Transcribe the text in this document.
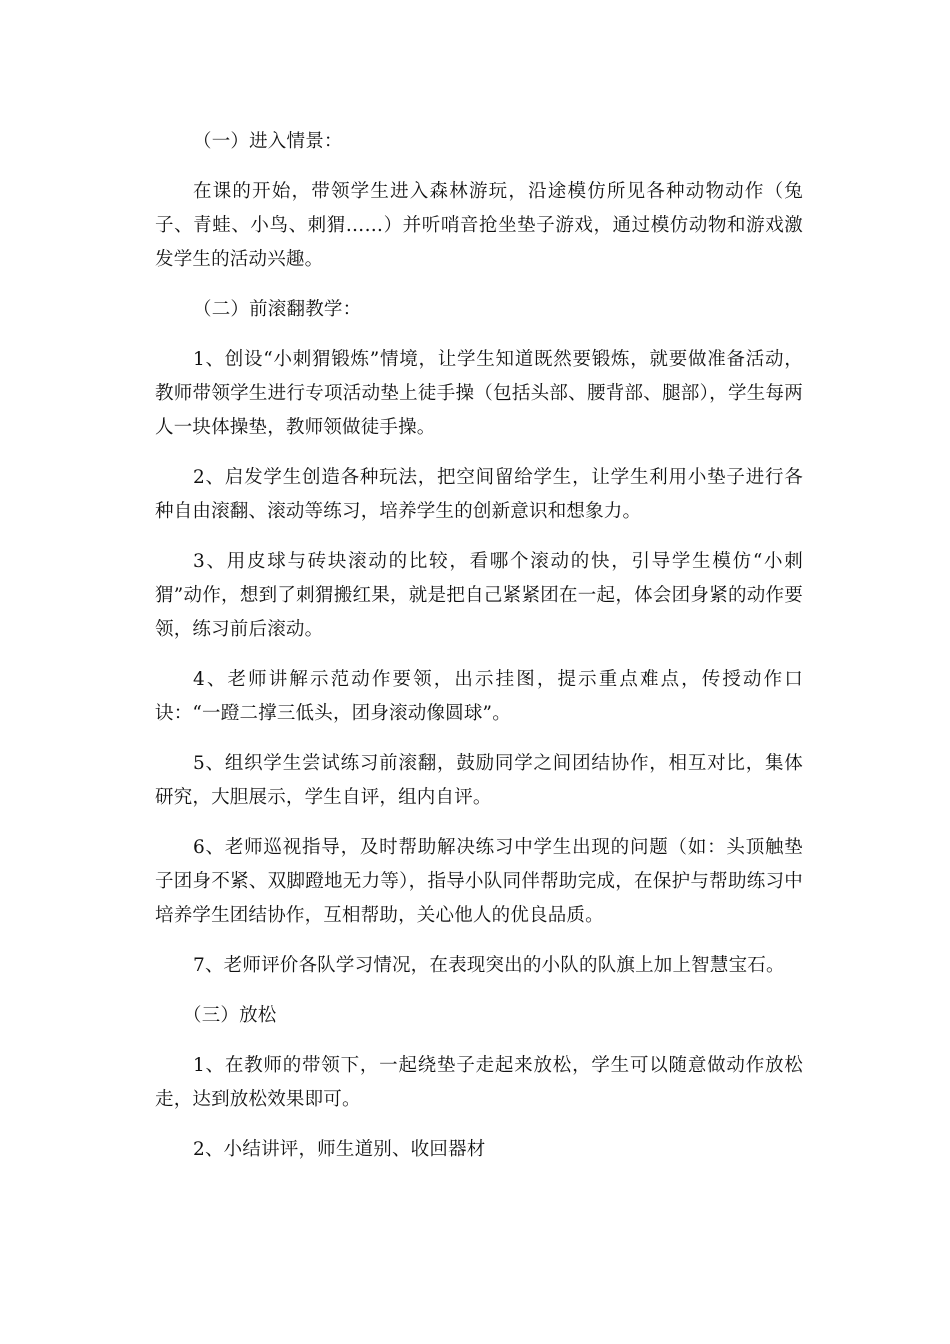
（一）进入情景：

在课的开始，带领学生进入森林游玩，沿途模仿所见各种动物动作（兔子、青蛙、小鸟、刺猬……）并听哨音抢坐垫子游戏，通过模仿动物和游戏激发学生的活动兴趣。

（二）前滚翻教学：

1、创设“小刺猬锻炼”情境，让学生知道既然要锻炼，就要做准备活动，教师带领学生进行专项活动垫上徒手操（包括头部、腰背部、腿部），学生每两人一块体操垫，教师领做徒手操。

2、启发学生创造各种玩法，把空间留给学生，让学生利用小垫子进行各种自由滚翻、滚动等练习，培养学生的创新意识和想象力。

3、用皮球与砖块滚动的比较，看哪个滚动的快，引导学生模仿“小刺猬”动作，想到了刺猬搬红果，就是把自己紧紧团在一起，体会团身紧的动作要领，练习前后滚动。

4、老师讲解示范动作要领，出示挂图，提示重点难点，传授动作口诀：“一蹬二撑三低头，团身滚动像圆球”。

5、组织学生尝试练习前滚翻，鼓励同学之间团结协作，相互对比，集体研究，大胆展示，学生自评，组内自评。

6、老师巡视指导，及时帮助解决练习中学生出现的问题（如：头顶触垫子团身不紧、双脚蹬地无力等），指导小队同伴帮助完成，在保护与帮助练习中培养学生团结协作，互相帮助，关心他人的优良品质。

7、老师评价各队学习情况，在表现突出的小队的队旗上加上智慧宝石。

（三）放松

1、在教师的带领下，一起绕垫子走起来放松，学生可以随意做动作放松走，达到放松效果即可。

2、小结讲评，师生道别、收回器材
